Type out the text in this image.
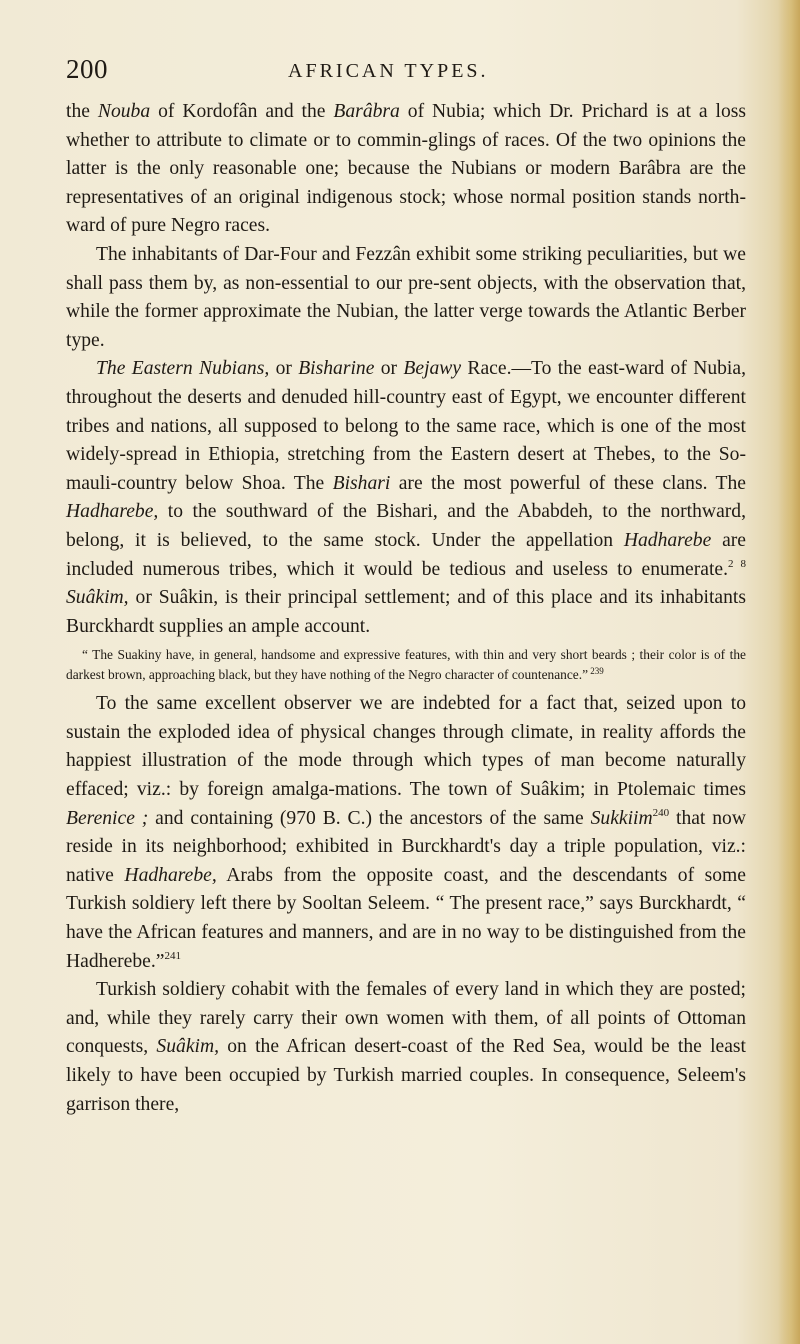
200	AFRICAN TYPES.

the Nouba of Kordofân and the Barâbra of Nubia; which Dr. Prichard is at a loss whether to attribute to climate or to commin-glings of races. Of the two opinions the latter is the only reasonable one; because the Nubians or modern Barâbra are the representatives of an original indigenous stock; whose normal position stands north-ward of pure Negro races.

The inhabitants of Dar-Four and Fezzân exhibit some striking peculiarities, but we shall pass them by, as non-essential to our pre-sent objects, with the observation that, while the former approximate the Nubian, the latter verge towards the Atlantic Berber type.

The Eastern Nubians, or Bisharine or Bejawy Race.—To the east-ward of Nubia, throughout the deserts and denuded hill-country east of Egypt, we encounter different tribes and nations, all supposed to belong to the same race, which is one of the most widely-spread in Ethiopia, stretching from the Eastern desert at Thebes, to the So-mauli-country below Shoa. The Bishari are the most powerful of these clans. The Hadharebe, to the southward of the Bishari, and the Ababdeh, to the northward, belong, it is believed, to the same stock. Under the appellation Hadharebe are included numerous tribes, which it would be tedious and useless to enumerate.$^{2 8}$ Suâkim, or Suâkin, is their principal settlement; and of this place and its inhabitants Burckhardt supplies an ample account.

“ The Suakiny have, in general, handsome and expressive features, with thin and very short beards ; their color is of the darkest brown, approaching black, but they have nothing of the Negro character of countenance.” $^{239}$

To the same excellent observer we are indebted for a fact that, seized upon to sustain the exploded idea of physical changes through climate, in reality affords the happiest illustration of the mode through which types of man become naturally effaced; viz.: by foreign amalga-mations. The town of Suâkim; in Ptolemaic times Berenice ; and containing (970 B. C.) the ancestors of the same Sukkiim$^{240}$ that now reside in its neighborhood; exhibited in Burckhardt's day a triple population, viz.: native Hadharebe, Arabs from the opposite coast, and the descendants of some Turkish soldiery left there by Sooltan Seleem. “ The present race,” says Burckhardt, “ have the African features and manners, and are in no way to be distinguished from the Hadherebe.”$^{241}$

Turkish soldiery cohabit with the females of every land in which they are posted; and, while they rarely carry their own women with them, of all points of Ottoman conquests, Suâkim, on the African desert-coast of the Red Sea, would be the least likely to have been occupied by Turkish married couples. In consequence, Seleem's garrison there,
